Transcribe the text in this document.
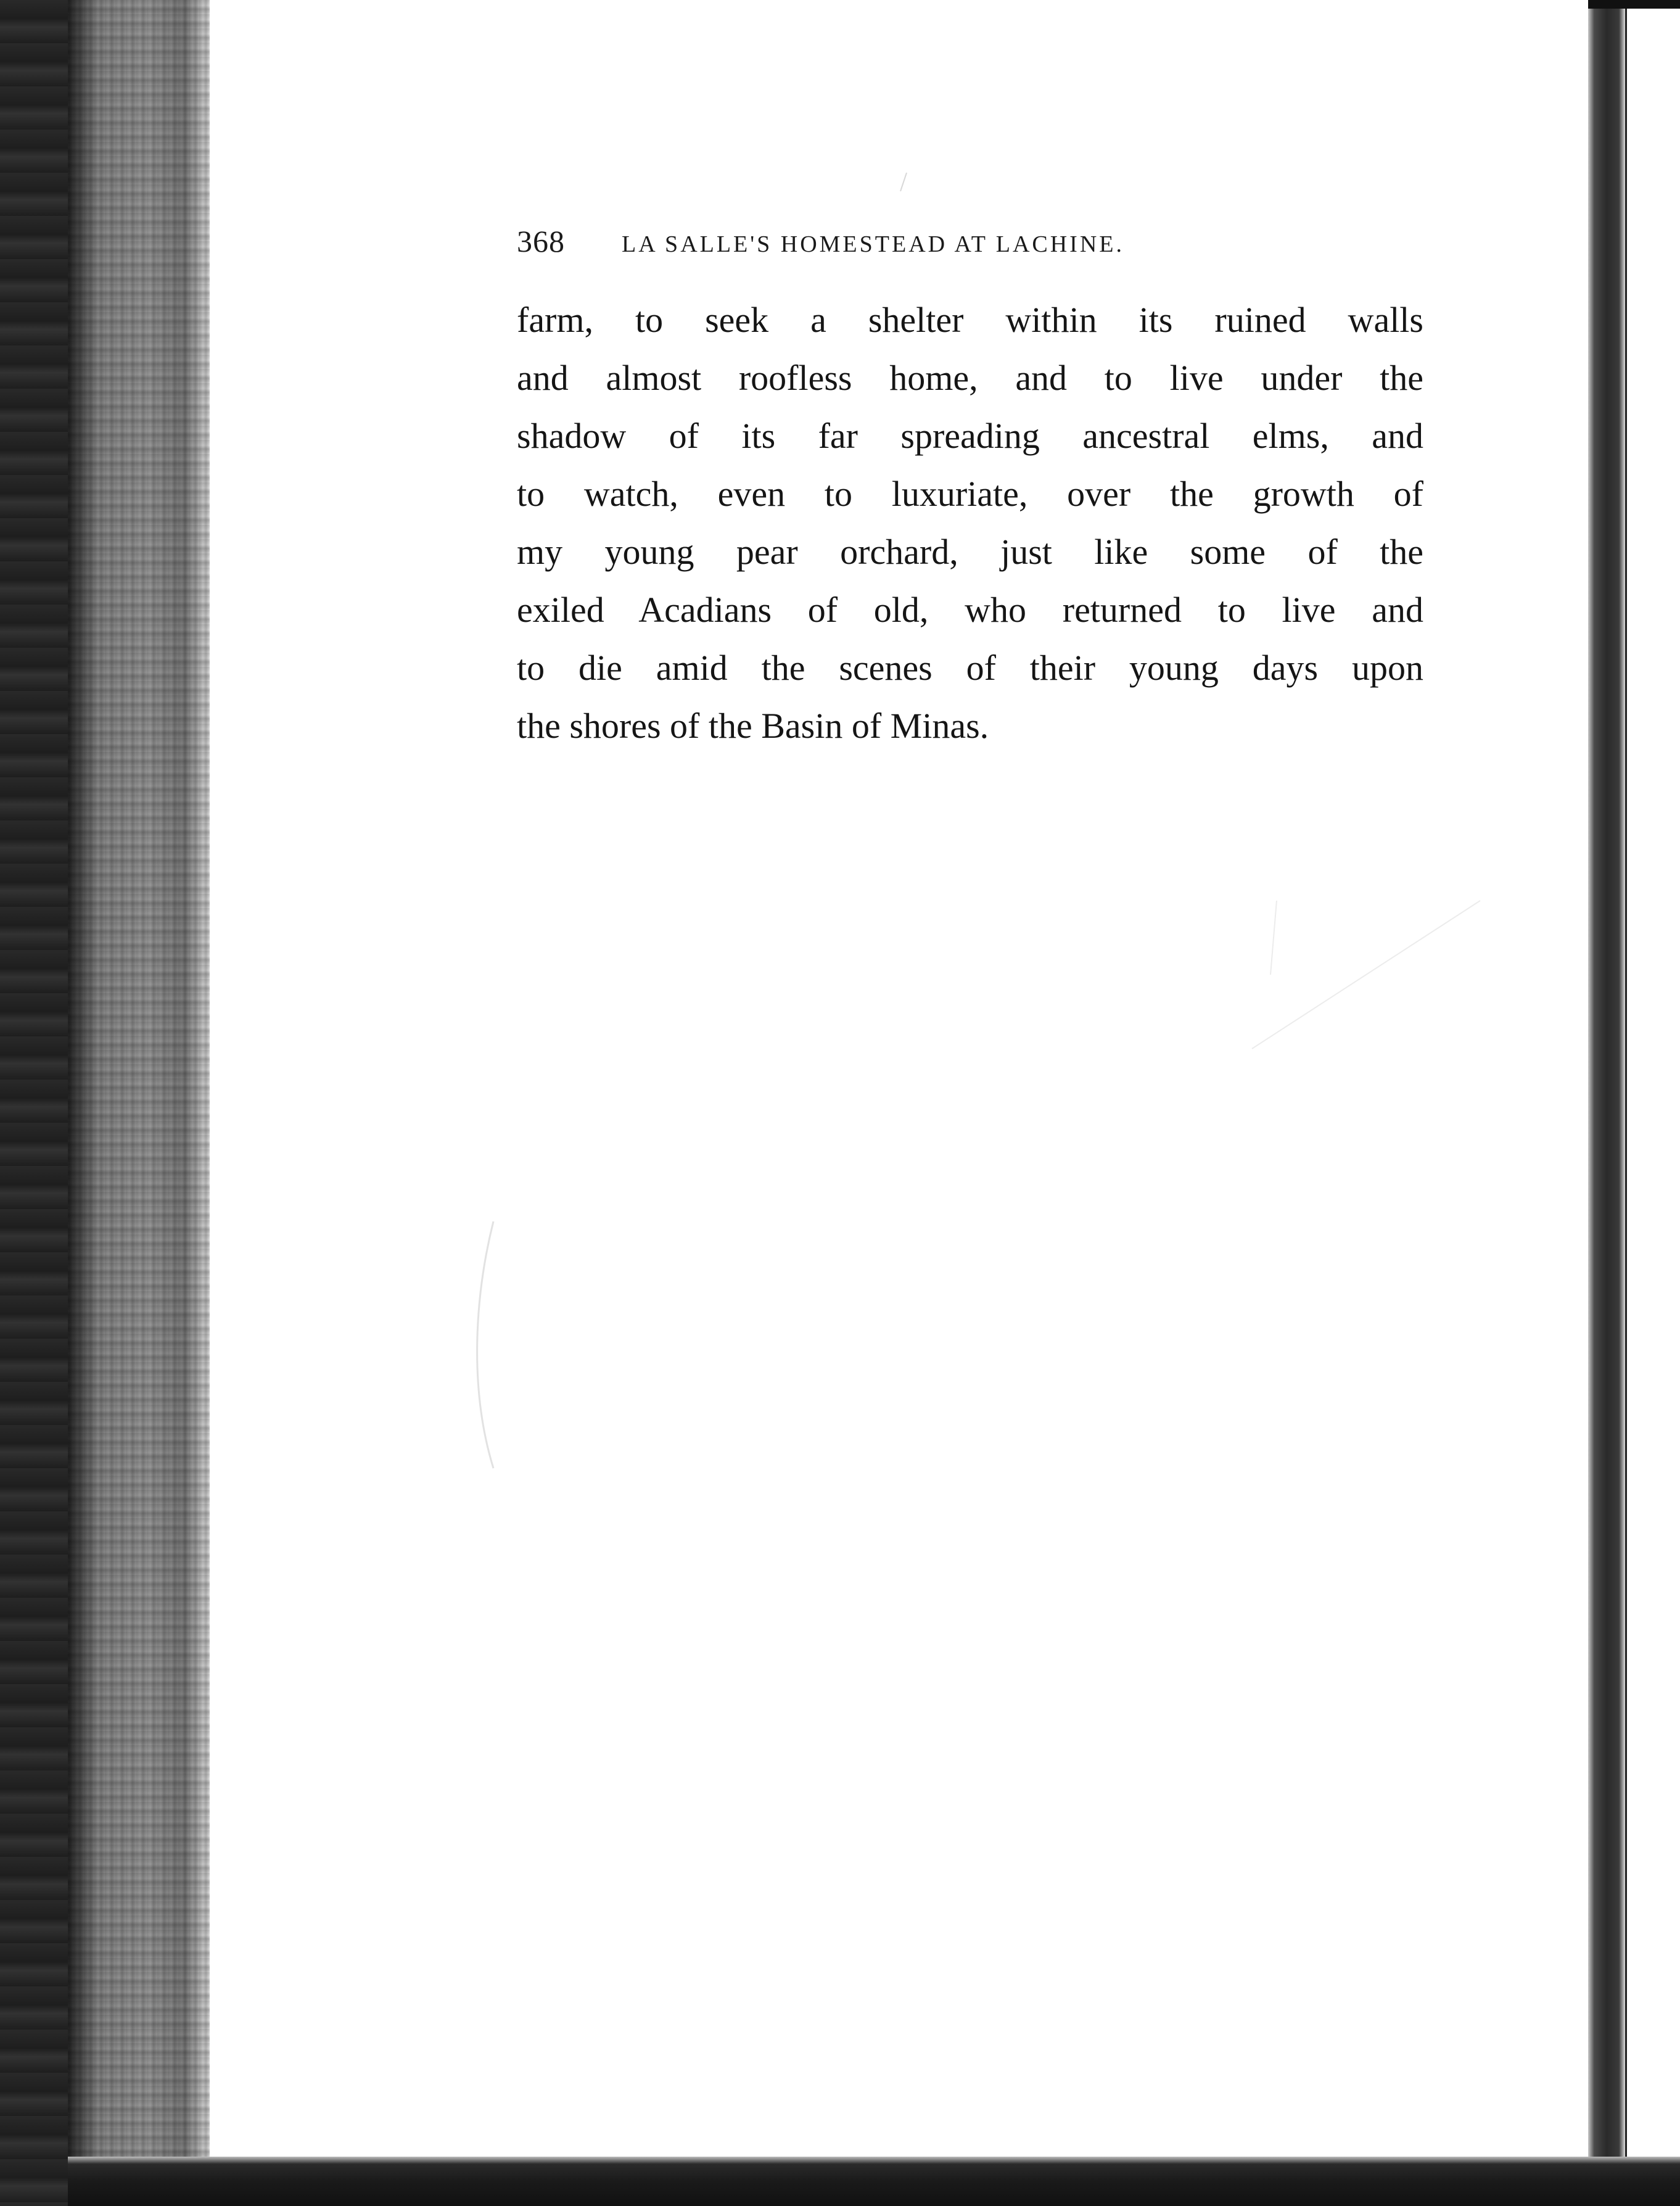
368	LA SALLE'S HOMESTEAD AT LACHINE.
farm, to seek a shelter within its ruined walls
and almost roofless home, and to live under the
shadow of its far spreading ancestral elms, and
to watch, even to luxuriate, over the growth of
my young pear orchard, just like some of the
exiled Acadians of old, who returned to live and
to die amid the scenes of their young days upon
the shores of the Basin of Minas.
